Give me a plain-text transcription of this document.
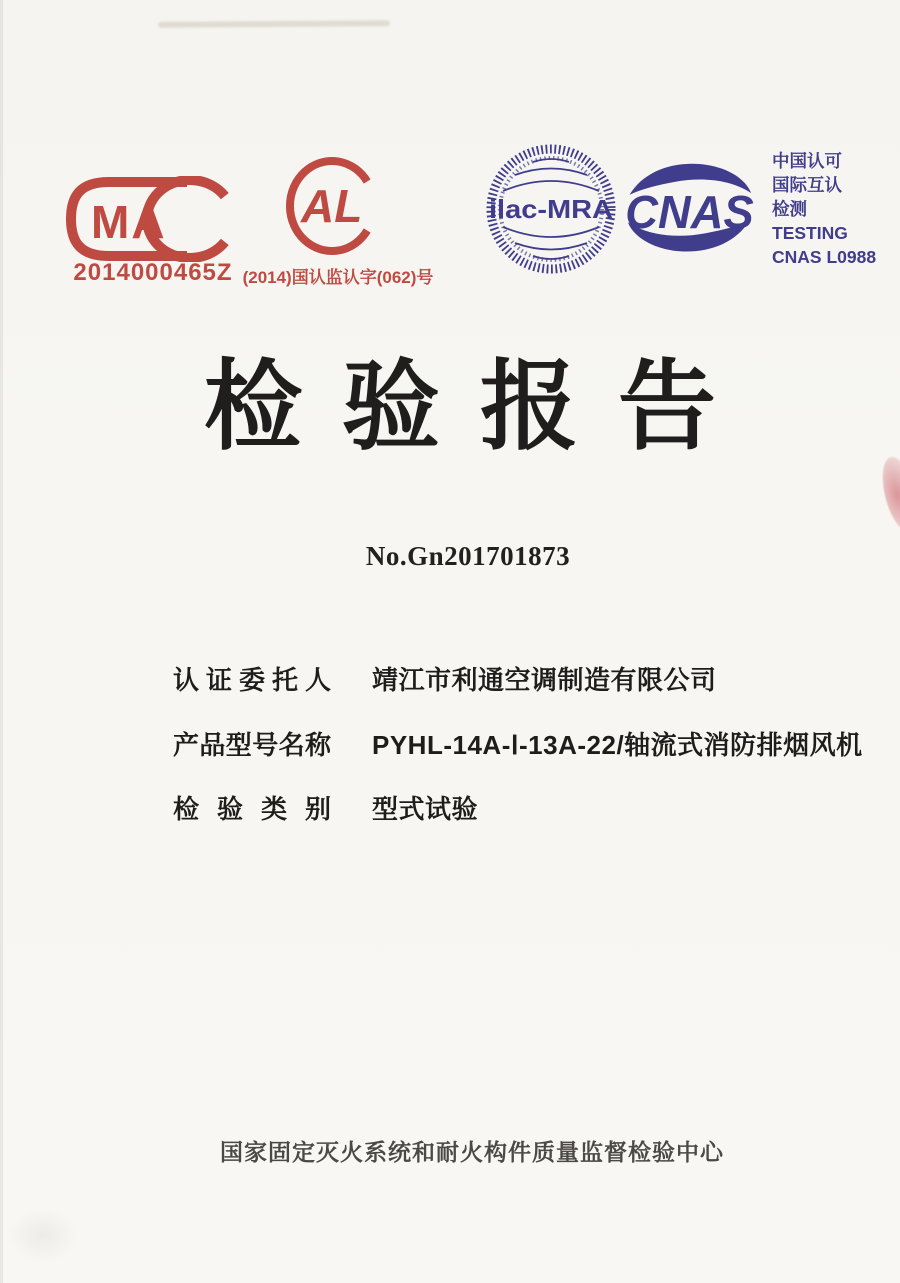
MA
2014000465Z
AL
(2014)国认监认字(062)号
ilac-MRA CNAS
中国认可
国际互认
检测
TESTING
CNAS L0988
检验报告
No.Gn201701873
认证委托人 靖江市利通空调制造有限公司
产品型号名称 PYHL-14A-Ⅰ-13A-22/轴流式消防排烟风机
检验类别 型式试验
国家固定灭火系统和耐火构件质量监督检验中心
